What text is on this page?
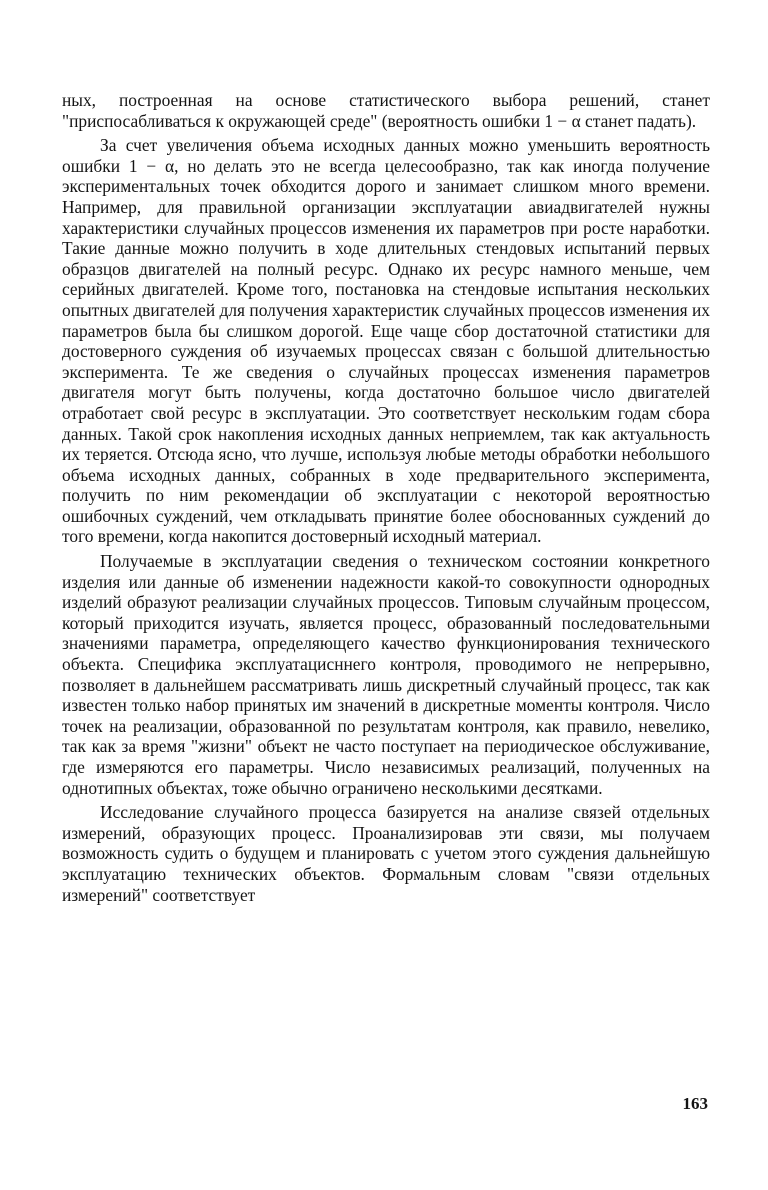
ных, построенная на основе статистического выбора решений, станет "приспосабливаться к окружающей среде" (вероятность ошибки 1 − α станет падать).

За счет увеличения объема исходных данных можно уменьшить вероятность ошибки 1 − α, но делать это не всегда целесообразно, так как иногда получение экспериментальных точек обходится дорого и занимает слишком много времени. Например, для правильной организации эксплуатации авиадвигателей нужны характеристики случайных процессов изменения их параметров при росте наработки. Такие данные можно получить в ходе длительных стендовых испытаний первых образцов двигателей на полный ресурс. Однако их ресурс намного меньше, чем серийных двигателей. Кроме того, постановка на стендовые испытания нескольких опытных двигателей для получения характеристик случайных процессов изменения их параметров была бы слишком дорогой. Еще чаще сбор достаточной статистики для достоверного суждения об изучаемых процессах связан с большой длительностью эксперимента. Те же сведения о случайных процессах изменения параметров двигателя могут быть получены, когда достаточно большое число двигателей отработает свой ресурс в эксплуатации. Это соответствует нескольким годам сбора данных. Такой срок накопления исходных данных неприемлем, так как актуальность их теряется. Отсюда ясно, что лучше, используя любые методы обработки небольшого объема исходных данных, собранных в ходе предварительного эксперимента, получить по ним рекомендации об эксплуатации с некоторой вероятностью ошибочных суждений, чем откладывать принятие более обоснованных суждений до того времени, когда накопится достоверный исходный материал.

Получаемые в эксплуатации сведения о техническом состоянии конкретного изделия или данные об изменении надежности какой-то совокупности однородных изделий образуют реализации случайных процессов. Типовым случайным процессом, который приходится изучать, является процесс, образованный последовательными значениями параметра, определяющего качество функционирования технического объекта. Специфика эксплуатацисннего контроля, проводимого не непрерывно, позволяет в дальнейшем рассматривать лишь дискретный случайный процесс, так как известен только набор принятых им значений в дискретные моменты контроля. Число точек на реализации, образованной по результатам контроля, как правило, невелико, так как за время "жизни" объект не часто поступает на периодическое обслуживание, где измеряются его параметры. Число независимых реализаций, полученных на однотипных объектах, тоже обычно ограничено несколькими десятками.

Исследование случайного процесса базируется на анализе связей отдельных измерений, образующих процесс. Проанализировав эти связи, мы получаем возможность судить о будущем и планировать с учетом этого суждения дальнейшую эксплуатацию технических объектов. Формальным словам "связи отдельных измерений" соответствует

163
